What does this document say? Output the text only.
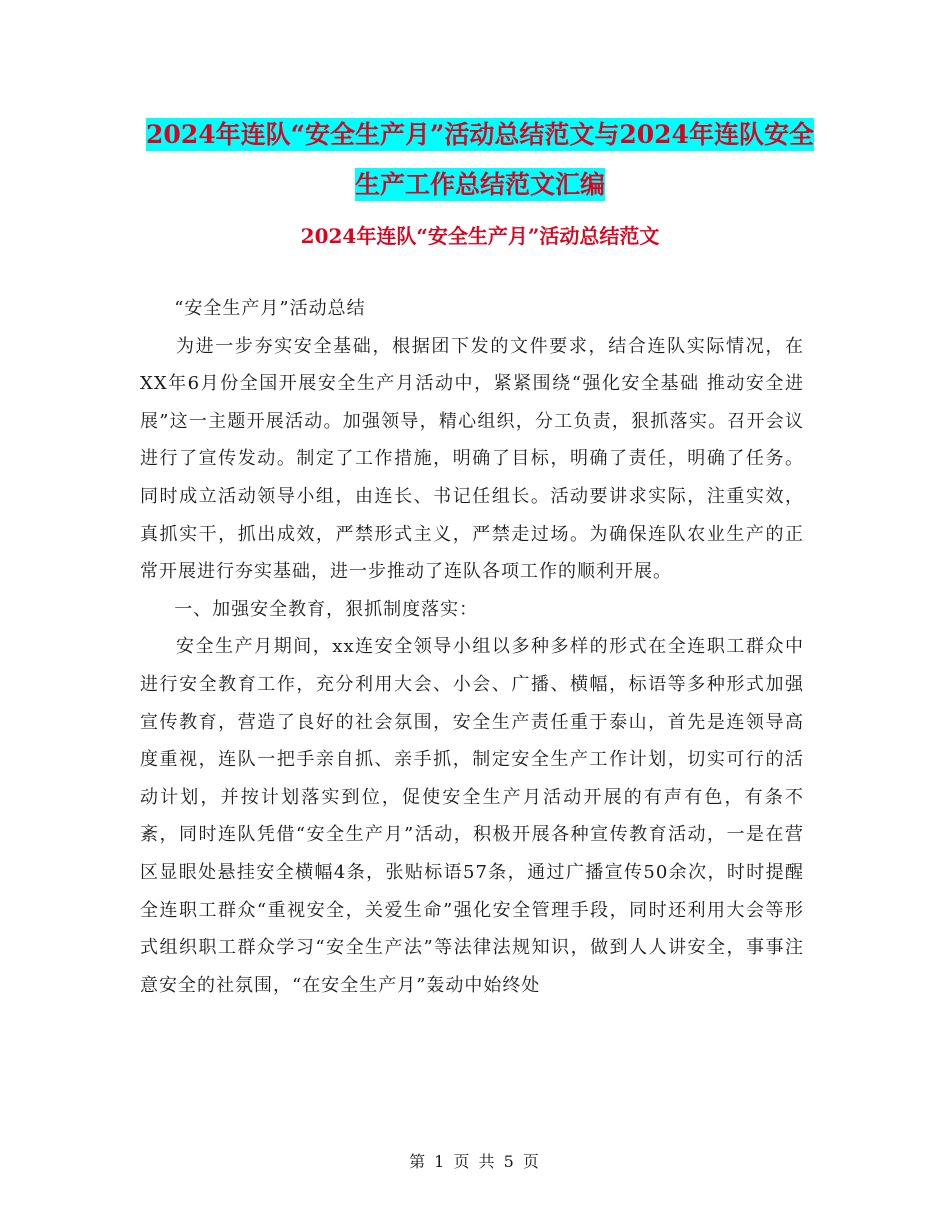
2024年连队“安全生产月”活动总结范文与2024年连队安全生产工作总结范文汇编
2024年连队“安全生产月”活动总结范文

“安全生产月”活动总结

为进一步夯实安全基础，根据团下发的文件要求，结合连队实际情况，在XX年6月份全国开展安全生产月活动中，紧紧围绕“强化安全基础 推动安全进展”这一主题开展活动。加强领导，精心组织，分工负责，狠抓落实。召开会议进行了宣传发动。制定了工作措施，明确了目标，明确了责任，明确了任务。同时成立活动领导小组，由连长、书记任组长。活动要讲求实际，注重实效，真抓实干，抓出成效，严禁形式主义，严禁走过场。为确保连队农业生产的正常开展进行夯实基础，进一步推动了连队各项工作的顺利开展。

一、加强安全教育，狠抓制度落实：

安全生产月期间，xx连安全领导小组以多种多样的形式在全连职工群众中进行安全教育工作，充分利用大会、小会、广播、横幅，标语等多种形式加强宣传教育，营造了良好的社会氛围，安全生产责任重于泰山，首先是连领导高度重视，连队一把手亲自抓、亲手抓，制定安全生产工作计划，切实可行的活动计划，并按计划落实到位，促使安全生产月活动开展的有声有色，有条不紊，同时连队凭借“安全生产月”活动，积极开展各种宣传教育活动，一是在营区显眼处悬挂安全横幅4条，张贴标语57条，通过广播宣传50余次，时时提醒全连职工群众“重视安全，关爱生命”强化安全管理手段，同时还利用大会等形式组织职工群众学习“安全生产法”等法律法规知识，做到人人讲安全，事事注意安全的社氛围，“在安全生产月”轰动中始终处

第 1 页 共 5 页
